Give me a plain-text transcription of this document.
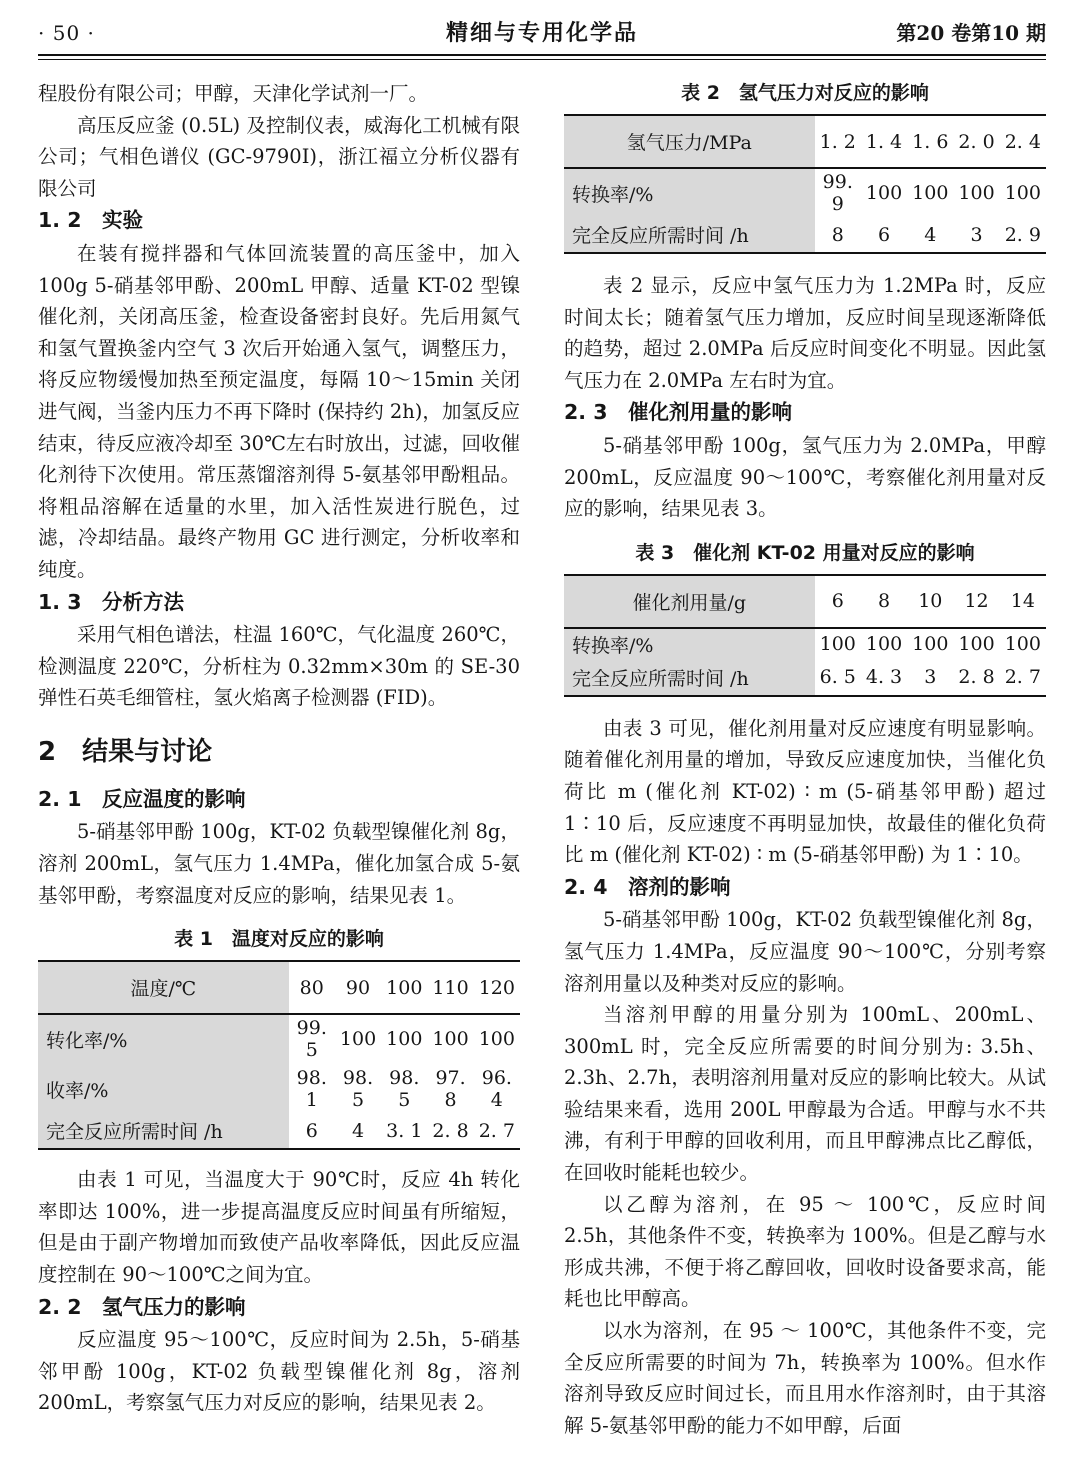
· 50 ·	精细与专用化学品	第20 卷第10 期

程股份有限公司；甲醇，天津化学试剂一厂。

高压反应釜 (0.5L) 及控制仪表，威海化工机械有限公司；气相色谱仪 (GC-9790I)，浙江福立分析仪器有限公司

1. 2　实验

在装有搅拌器和气体回流装置的高压釜中，加入 100g 5-硝基邻甲酚、200mL 甲醇、适量 KT-02 型镍催化剂，关闭高压釜，检查设备密封良好。先后用氮气和氢气置换釜内空气 3 次后开始通入氢气，调整压力，将反应物缓慢加热至预定温度，每隔 10～15min 关闭进气阀，当釜内压力不再下降时 (保持约 2h)，加氢反应结束，待反应液冷却至 30℃左右时放出，过滤，回收催化剂待下次使用。常压蒸馏溶剂得 5-氨基邻甲酚粗品。将粗品溶解在适量的水里，加入活性炭进行脱色，过滤，冷却结晶。最终产物用 GC 进行测定，分析收率和纯度。

1. 3　分析方法

采用气相色谱法，柱温 160℃，气化温度 260℃，检测温度 220℃，分析柱为 0.32mm×30m 的 SE-30 弹性石英毛细管柱，氢火焰离子检测器 (FID)。

2　结果与讨论
2. 1　反应温度的影响

5-硝基邻甲酚 100g，KT-02 负载型镍催化剂 8g，溶剂 200mL，氢气压力 1.4MPa，催化加氢合成 5-氨基邻甲酚，考察温度对反应的影响，结果见表 1。

表 1　温度对反应的影响
温度/℃	80	90	100	110	120
转化率/%	99. 5	100	100	100	100
收率/%	98. 1	98. 5	98. 5	97. 8	96. 4
完全反应所需时间 /h	6	4	3. 1	2. 8	2. 7

由表 1 可见，当温度大于 90℃时，反应 4h 转化率即达 100%，进一步提高温度反应时间虽有所缩短，但是由于副产物增加而致使产品收率降低，因此反应温度控制在 90～100℃之间为宜。

2. 2　氢气压力的影响

反应温度 95～100℃，反应时间为 2.5h，5-硝基邻甲酚 100g，KT-02 负载型镍催化剂 8g，溶剂 200mL，考察氢气压力对反应的影响，结果见表 2。

表 2　氢气压力对反应的影响
氢气压力/MPa	1. 2	1. 4	1. 6	2. 0	2. 4
转换率/%	99. 9	100	100	100	100
完全反应所需时间 /h	8	6	4	3	2. 9

表 2 显示，反应中氢气压力为 1.2MPa 时，反应时间太长；随着氢气压力增加，反应时间呈现逐渐降低的趋势，超过 2.0MPa 后反应时间变化不明显。因此氢气压力在 2.0MPa 左右时为宜。

2. 3　催化剂用量的影响

5-硝基邻甲酚 100g，氢气压力为 2.0MPa，甲醇 200mL，反应温度 90～100℃，考察催化剂用量对反应的影响，结果见表 3。

表 3　催化剂 KT-02 用量对反应的影响
催化剂用量/g	6	8	10	12	14
转换率/%	100	100	100	100	100
完全反应所需时间 /h	6. 5	4. 3	3	2. 8	2. 7

由表 3 可见，催化剂用量对反应速度有明显影响。随着催化剂用量的增加，导致反应速度加快，当催化负荷比 m (催化剂 KT-02) ∶ m (5-硝基邻甲酚) 超过 1∶10 后，反应速度不再明显加快，故最佳的催化负荷比 m (催化剂 KT-02) ∶ m (5-硝基邻甲酚) 为 1∶10。

2. 4　溶剂的影响

5-硝基邻甲酚 100g，KT-02 负载型镍催化剂 8g，氢气压力 1.4MPa，反应温度 90～100℃，分别考察溶剂用量以及种类对反应的影响。

当溶剂甲醇的用量分别为 100mL、200mL、300mL 时，完全反应所需要的时间分别为: 3.5h、2.3h、2.7h，表明溶剂用量对反应的影响比较大。从试验结果来看，选用 200L 甲醇最为合适。甲醇与水不共沸，有利于甲醇的回收利用，而且甲醇沸点比乙醇低，在回收时能耗也较少。

以乙醇为溶剂，在 95 ～ 100℃，反应时间 2.5h，其他条件不变，转换率为 100%。但是乙醇与水形成共沸，不便于将乙醇回收，回收时设备要求高，能耗也比甲醇高。

以水为溶剂，在 95 ～ 100℃，其他条件不变，完全反应所需要的时间为 7h，转换率为 100%。但水作溶剂导致反应时间过长，而且用水作溶剂时，由于其溶解 5-氨基邻甲酚的能力不如甲醇，后面
